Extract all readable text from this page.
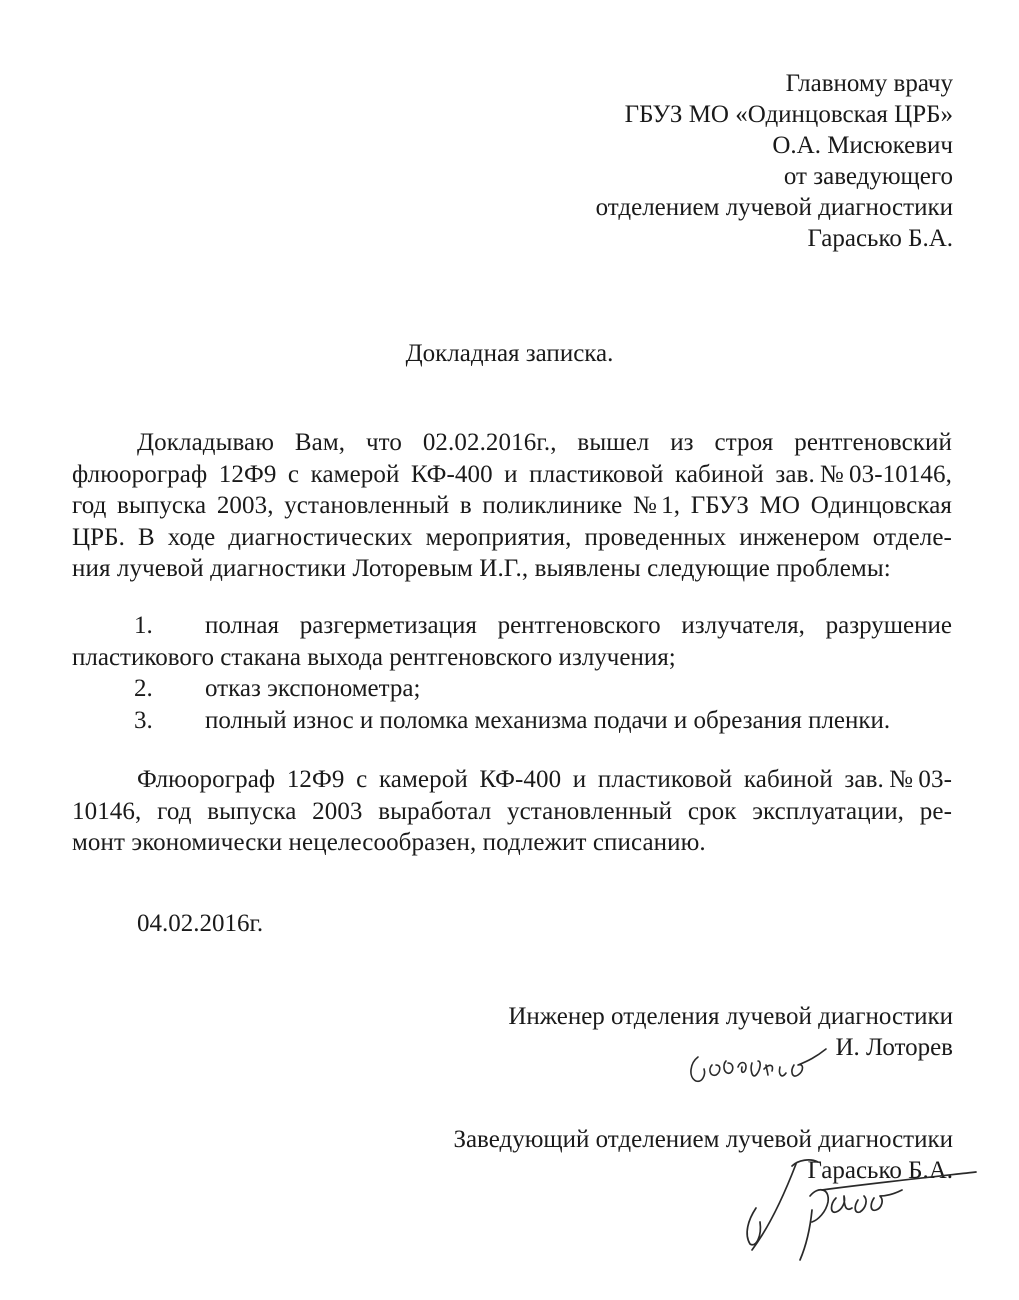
Главному врачу
ГБУЗ МО «Одинцовская ЦРБ»
О.А. Мисюкевич
от заведующего
отделением лучевой диагностики
Гарасько Б.А.
Докладная записка.
Докладываю Вам, что 02.02.2016г., вышел из строя рентгеновский
флюорограф 12Ф9 с камерой КФ-400 и пластиковой кабиной зав.№03-10146,
год выпуска 2003, установленный в поликлинике №1, ГБУЗ МО Одинцовская
ЦРБ. В ходе диагностических мероприятия, проведенных инженером отделе-
ния лучевой диагностики Лоторевым И.Г., выявлены следующие проблемы:
1. полная разгерметизация рентгеновского излучателя, разрушение
пластикового стакана выхода рентгеновского излучения;
2. отказ экспонометра;
3. полный износ и поломка механизма подачи и обрезания пленки.
Флюорограф 12Ф9 с камерой КФ-400 и пластиковой кабиной зав.№03-
10146, год выпуска 2003 выработал установленный срок эксплуатации, ре-
монт экономически нецелесообразен, подлежит списанию.
04.02.2016г.
Инженер отделения лучевой диагностики
И. Лоторев
Заведующий отделением лучевой диагностики
Гарасько Б.А.
